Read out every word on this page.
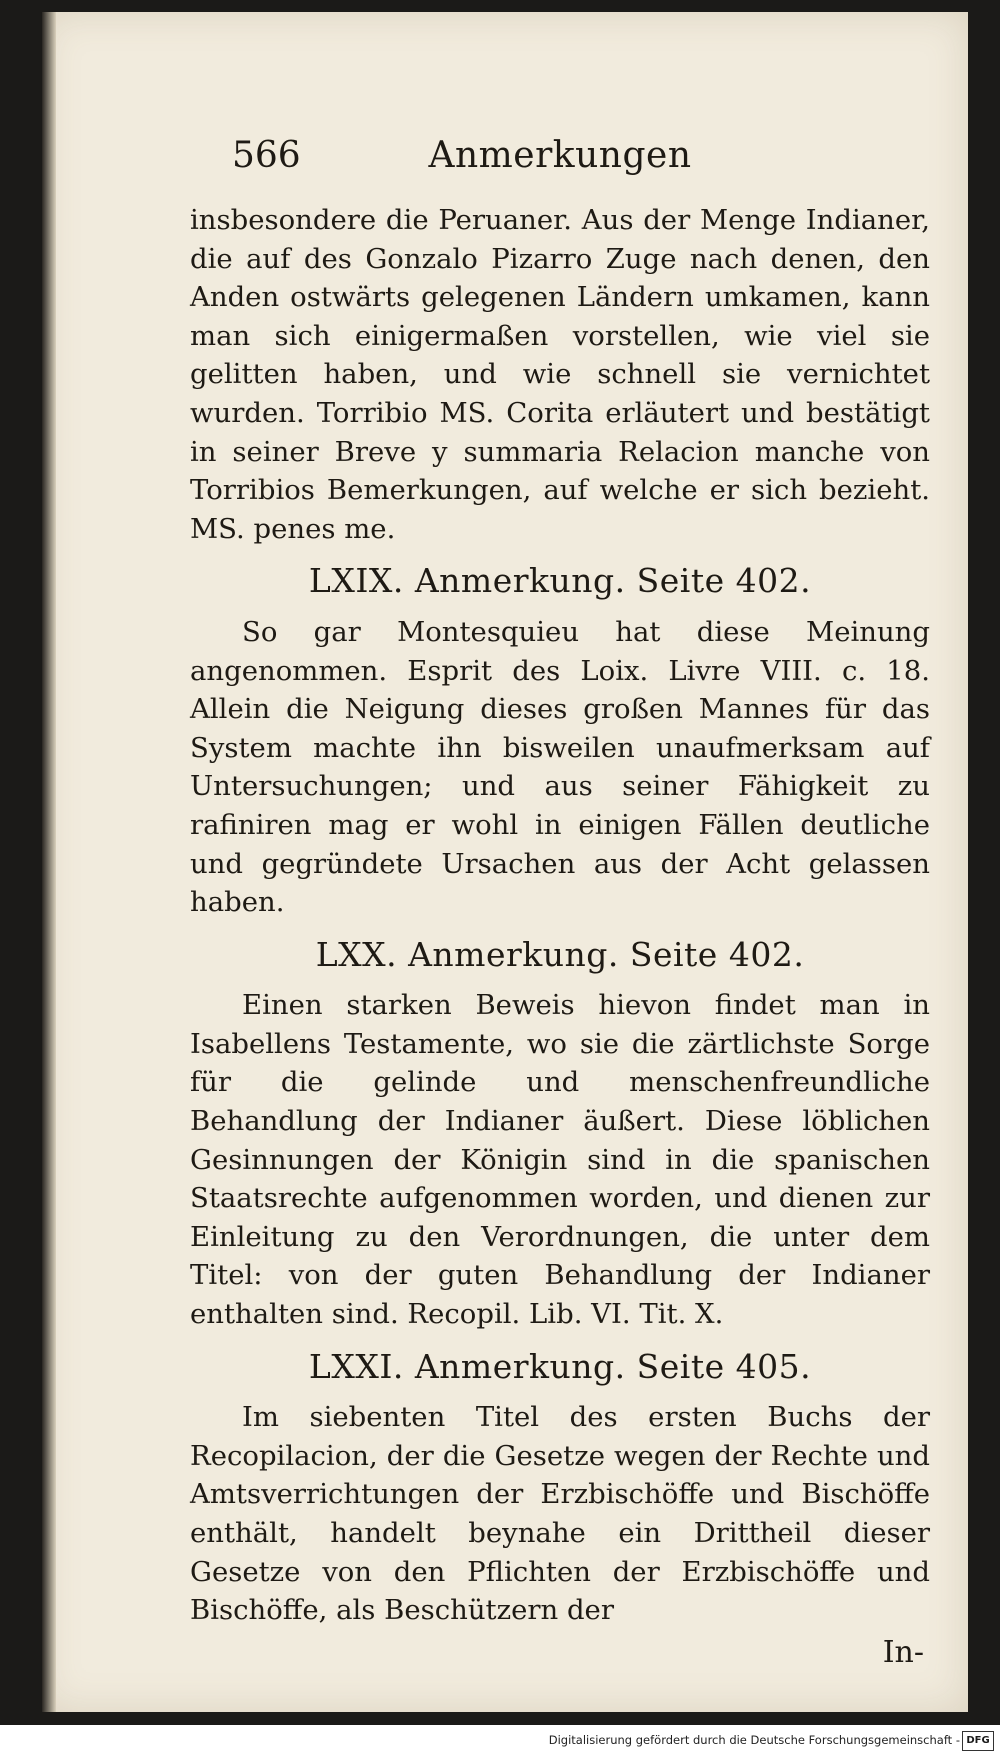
566	Anmerkungen

insbesondere die Peruaner. Aus der Menge Indianer, die auf des Gonzalo Pizarro Zuge nach denen, den Anden ostwärts gelegenen Ländern umkamen, kann man sich einigermaßen vorstellen, wie viel sie gelitten haben, und wie schnell sie vernichtet wurden. Torribio MS. Corita erläutert und bestätigt in seiner Breve y summaria Relacion manche von Torribios Bemerkungen, auf welche er sich bezieht. MS. penes me.

LXIX. Anmerkung. Seite 402.

So gar Montesquieu hat diese Meinung angenommen. Esprit des Loix. Livre VIII. c. 18. Allein die Neigung dieses großen Mannes für das System machte ihn bisweilen unaufmerksam auf Untersuchungen; und aus seiner Fähigkeit zu rafiniren mag er wohl in einigen Fällen deutliche und gegründete Ursachen aus der Acht gelassen haben.

LXX. Anmerkung. Seite 402.

Einen starken Beweis hievon findet man in Isabellens Testamente, wo sie die zärtlichste Sorge für die gelinde und menschenfreundliche Behandlung der Indianer äußert. Diese löblichen Gesinnungen der Königin sind in die spanischen Staatsrechte aufgenommen worden, und dienen zur Einleitung zu den Verordnungen, die unter dem Titel: von der guten Behandlung der Indianer enthalten sind. Recopil. Lib. VI. Tit. X.

LXXI. Anmerkung. Seite 405.

Im siebenten Titel des ersten Buchs der Recopilacion, der die Gesetze wegen der Rechte und Amtsverrichtungen der Erzbischöffe und Bischöffe enthält, handelt beynahe ein Drittheil dieser Gesetze von den Pflichten der Erzbischöffe und Bischöffe, als Beschützern der

In-
Digitalisierung gefördert durch die Deutsche Forschungsgemeinschaft - DFG
